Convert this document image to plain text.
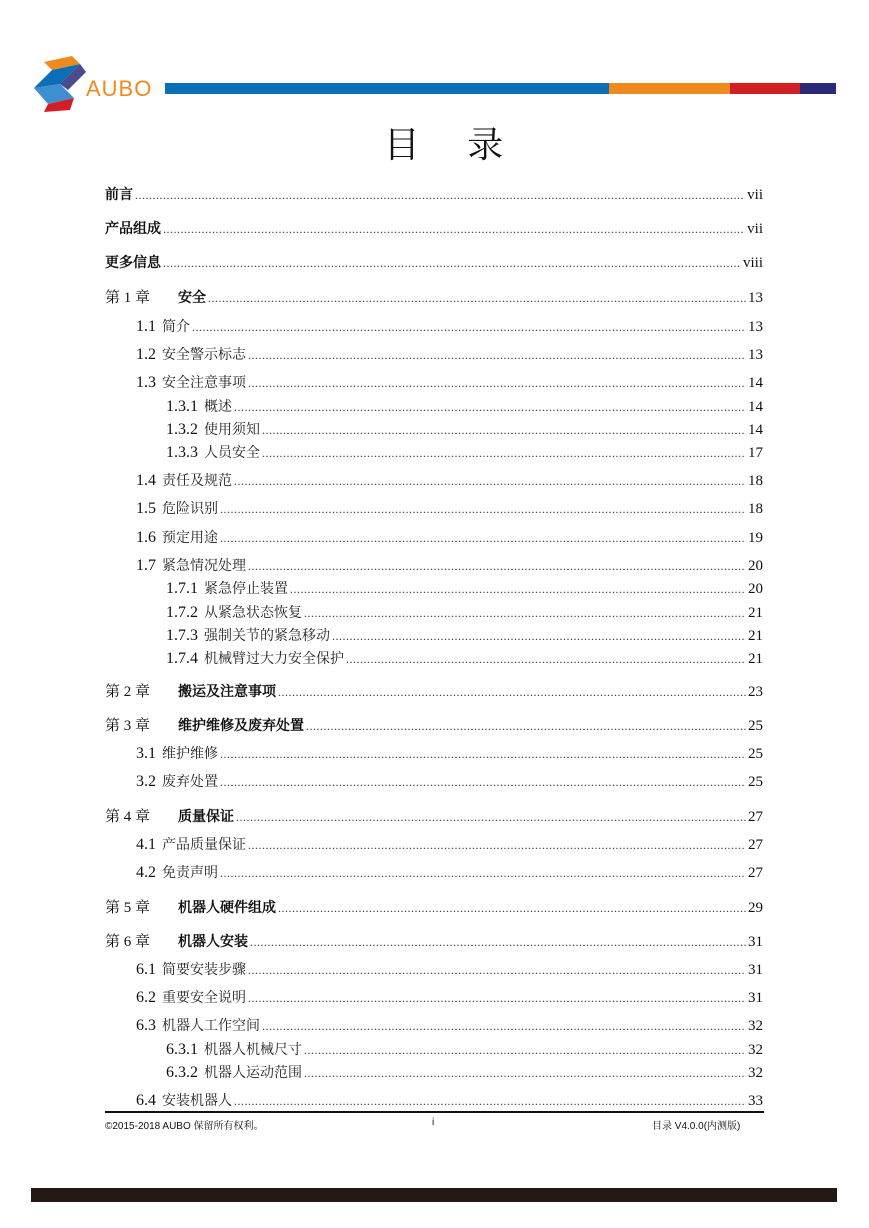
AUBO
目 录
前言 .....	vii
产品组成 .....	vii
更多信息 .....	viii
第 1 章 安全 .....	13
1.1 简介 .....	13
1.2 安全警示标志 .....	13
1.3 安全注意事项 .....	14
1.3.1 概述 .....	14
1.3.2 使用须知 .....	14
1.3.3 人员安全 .....	17
1.4 责任及规范 .....	18
1.5 危险识别 .....	18
1.6 预定用途 .....	19
1.7 紧急情况处理 .....	20
1.7.1 紧急停止装置 .....	20
1.7.2 从紧急状态恢复 .....	21
1.7.3 强制关节的紧急移动 .....	21
1.7.4 机械臂过大力安全保护 .....	21
第 2 章 搬运及注意事项 .....	23
第 3 章 维护维修及废弃处置 .....	25
3.1 维护维修 .....	25
3.2 废弃处置 .....	25
第 4 章 质量保证 .....	27
4.1 产品质量保证 .....	27
4.2 免责声明 .....	27
第 5 章 机器人硬件组成 .....	29
第 6 章 机器人安装 .....	31
6.1 简要安装步骤 .....	31
6.2 重要安全说明 .....	31
6.3 机器人工作空间 .....	32
6.3.1 机器人机械尺寸 .....	32
6.3.2 机器人运动范围 .....	32
6.4 安装机器人 .....	33
©2015-2018 AUBO 保留所有权利。	i	目录 V4.0.0(内测版)
